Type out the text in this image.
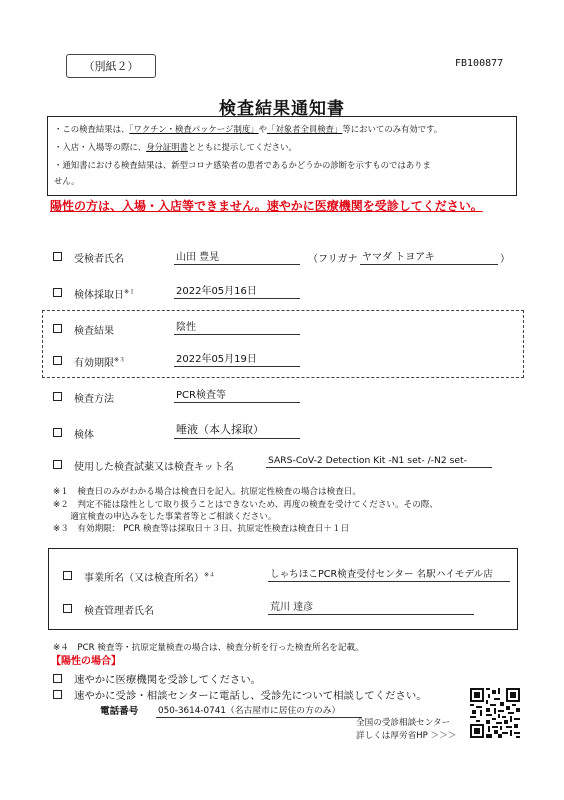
（別紙２）	FB100877
検査結果通知書
・この検査結果は、「ワクチン・検査パッケージ制度」や「対象者全員検査」等においてのみ有効です。
・入店・入場等の際に、身分証明書とともに提示してください。
・通知書における検査結果は、新型コロナ感染者の患者であるかどうかの診断を示すものではありま
せん。
陽性の方は、入場・入店等できません。速やかに医療機関を受診してください。
受検者氏名	山田 豊晃	（フリガナ ヤマダ トヨアキ	）
検体採取日$^{※1}$	2022年05月16日
検査結果	陰性
有効期限$^{※3}$	2022年05月19日
検査方法	PCR検査等
検体	唾液（本人採取）
使用した検査試薬又は検査キット名
SARS-CoV-2 Detection Kit -N1 set- /-N2 set-
※１　検査日のみがわかる場合は検査日を記入。抗原定性検査の場合は検査日。
※２　判定不能は陰性として取り扱うことはできないため、再度の検査を受けてください。その際、
　　適宜検査の申込みをした事業者等とご相談ください。
※３　有効期限： PCR 検査等は採取日＋３日、抗原定性検査は検査日＋１日
事業所名（又は検査所名）$^{※4}$	しゃちほこPCR検査受付センター 名駅ハイモデル店
検査管理者氏名	荒川 達彦
※４　PCR 検査等・抗原定量検査の場合は、検査分析を行った検査所名を記載。
【陽性の場合】
速やかに医療機関を受診してください。
速やかに受診・相談センターに電話し、受診先について相談してください。
電話番号 050-3614-0741（名古屋市に居住の方のみ）
全国の受診相談センター
詳しくは厚労省HP ＞＞＞
